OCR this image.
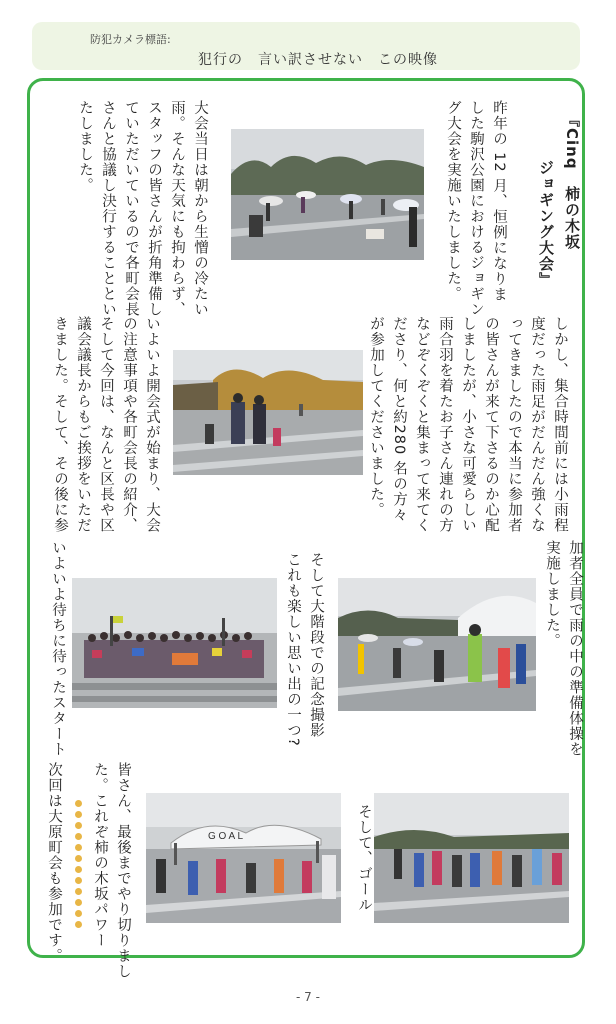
防犯カメラ標語:
犯行の　言い訳させない　この映像
『Cinq　柿の木坂
ジョギング大会』
昨年の 12 月、恒例になりま
した駒沢公園におけるジョギン
グ大会を実施いたしました。
大会当日は朝から生憎の冷たい
雨。そんな天気にも拘わらず、
スタッフの皆さんが折角準備し
ていただいているので各町会長
さんと協議し決行することとい
たしました。
しかし、集合時間前には小雨程
度だった雨足がだんだん強くな
ってきましたので本当に参加者
の皆さんが来て下さるのか心配
しましたが、小さな可愛らしい
雨合羽を着たお子さん連れの方
などぞくぞくと集まって来てく
ださり、何と約280 名の方々
が参加してくださいました。
いよいよ開会式が始まり、大会
の注意事項や各町会長の紹介、
そして今回は、なんと区長や区
議会議長からもご挨拶をいただ
きました。そして、その後に参
加者全員で雨の中の準備体操を
実施しました。
そして大階段での記念撮影
これも楽しい思い出の一つ?
いよいよ待ちに待ったスタート
そして、ゴール
G O A L
皆さん、最後までやり切りまし
た。これぞ柿の木坂パワー
次回は大原町会も参加です。
- 7 -
